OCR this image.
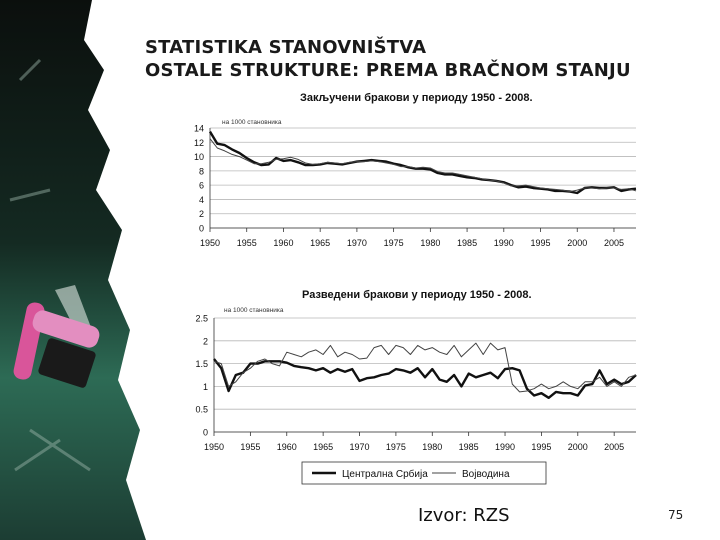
STATISTIKA STANOVNIŠTVA
OSTALE STRUKTURE: PREMA BRAČNOM STANJU
Закључени бракови у периоду 1950 - 2008.
на 1000 становника
0
2
4
6
8
10
12
14
1950 1955 1960 1965 1970 1975 1980 1985 1990 1995 2000 2005
Разведени бракови у периоду 1950 - 2008.
на 1000 становника
0
0.5
1
1.5
2
2.5
1950 1955 1960 1965 1970 1975 1980 1985 1990 1995 2000 2005
Централна Србија	Војводина
Izvor: RZS	75
